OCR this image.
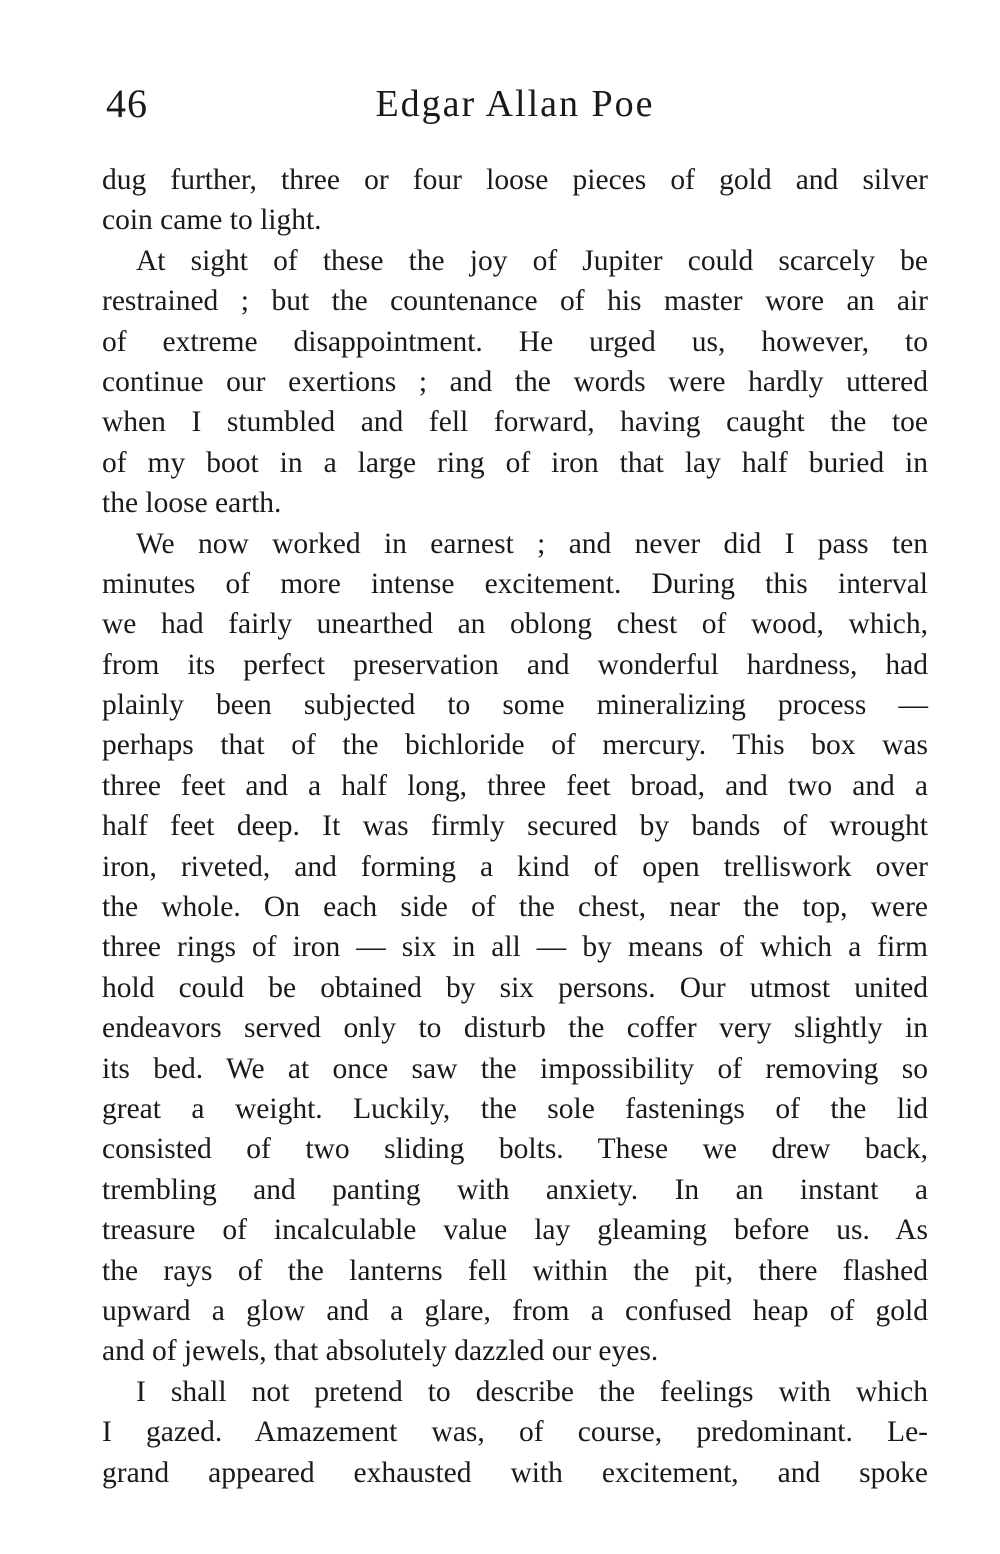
46	Edgar Allan Poe
dug further, three or four loose pieces of gold and silver
coin came to light.
At sight of these the joy of Jupiter could scarcely be
restrained ; but the countenance of his master wore an air
of extreme disappointment. He urged us, however, to
continue our exertions ; and the words were hardly uttered
when I stumbled and fell forward, having caught the toe
of my boot in a large ring of iron that lay half buried in
the loose earth.
We now worked in earnest ; and never did I pass ten
minutes of more intense excitement. During this interval
we had fairly unearthed an oblong chest of wood, which,
from its perfect preservation and wonderful hardness, had
plainly been subjected to some mineralizing process —
perhaps that of the bichloride of mercury. This box was
three feet and a half long, three feet broad, and two and a
half feet deep. It was firmly secured by bands of wrought
iron, riveted, and forming a kind of open trelliswork over
the whole. On each side of the chest, near the top, were
three rings of iron — six in all — by means of which a firm
hold could be obtained by six persons. Our utmost united
endeavors served only to disturb the coffer very slightly in
its bed. We at once saw the impossibility of removing so
great a weight. Luckily, the sole fastenings of the lid
consisted of two sliding bolts. These we drew back,
trembling and panting with anxiety. In an instant a
treasure of incalculable value lay gleaming before us. As
the rays of the lanterns fell within the pit, there flashed
upward a glow and a glare, from a confused heap of gold
and of jewels, that absolutely dazzled our eyes.
I shall not pretend to describe the feelings with which
I gazed. Amazement was, of course, predominant. Le-
grand appeared exhausted with excitement, and spoke
